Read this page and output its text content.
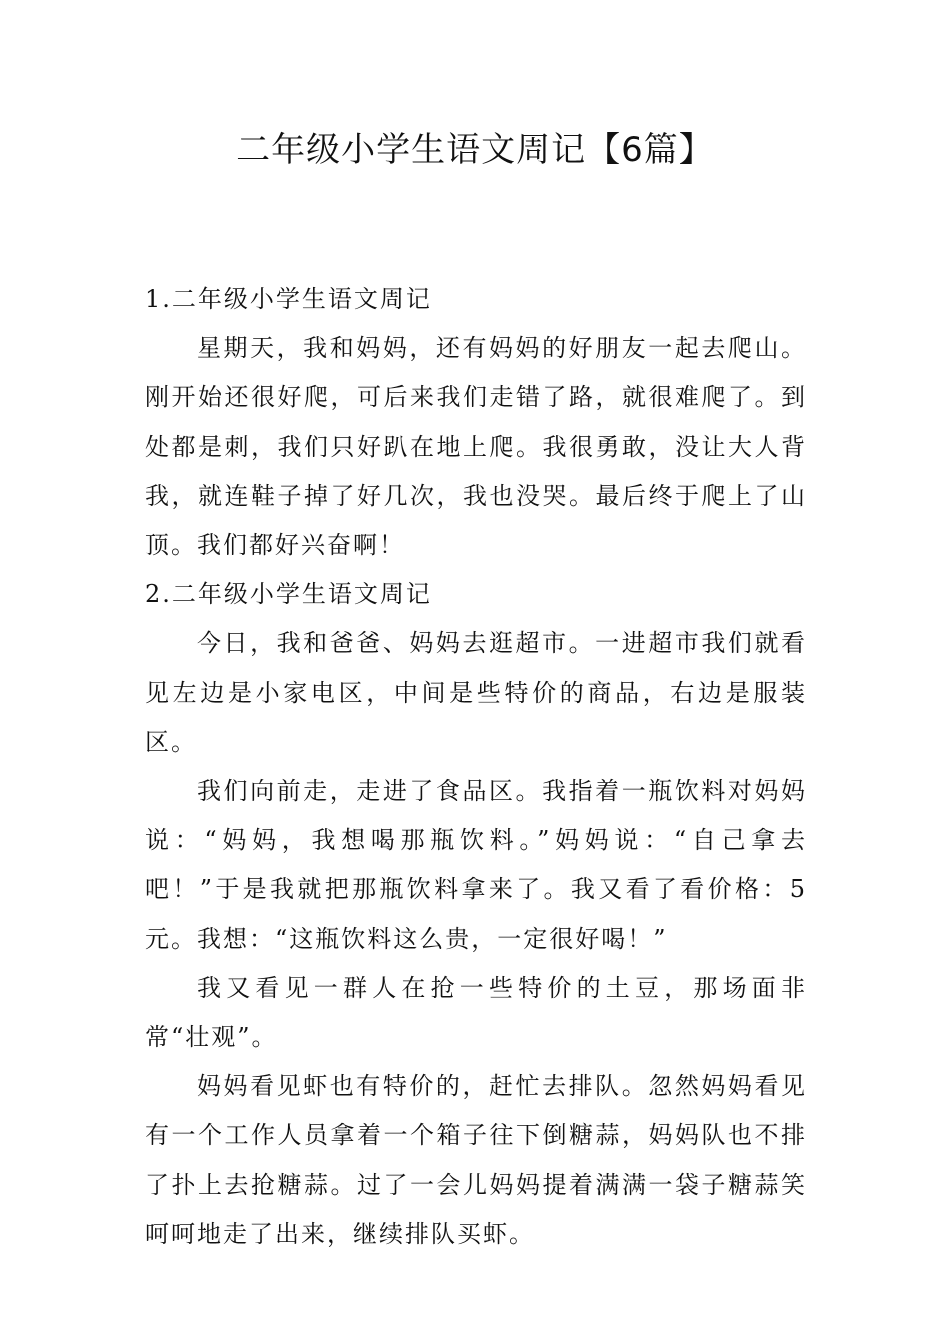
二年级小学生语文周记【6篇】
1.二年级小学生语文周记

星期天，我和妈妈，还有妈妈的好朋友一起去爬山。刚开始还很好爬，可后来我们走错了路，就很难爬了。到处都是刺，我们只好趴在地上爬。我很勇敢，没让大人背我，就连鞋子掉了好几次，我也没哭。最后终于爬上了山顶。我们都好兴奋啊！

2.二年级小学生语文周记

今日，我和爸爸、妈妈去逛超市。一进超市我们就看见左边是小家电区，中间是些特价的商品，右边是服装区。

我们向前走，走进了食品区。我指着一瓶饮料对妈妈说：“妈妈，我想喝那瓶饮料。”妈妈说：“自己拿去吧！”于是我就把那瓶饮料拿来了。我又看了看价格：5元。我想：“这瓶饮料这么贵，一定很好喝！”

我又看见一群人在抢一些特价的土豆，那场面非常“壮观”。

妈妈看见虾也有特价的，赶忙去排队。忽然妈妈看见有一个工作人员拿着一个箱子往下倒糖蒜，妈妈队也不排了扑上去抢糖蒜。过了一会儿妈妈提着满满一袋子糖蒜笑呵呵地走了出来，继续排队买虾。
